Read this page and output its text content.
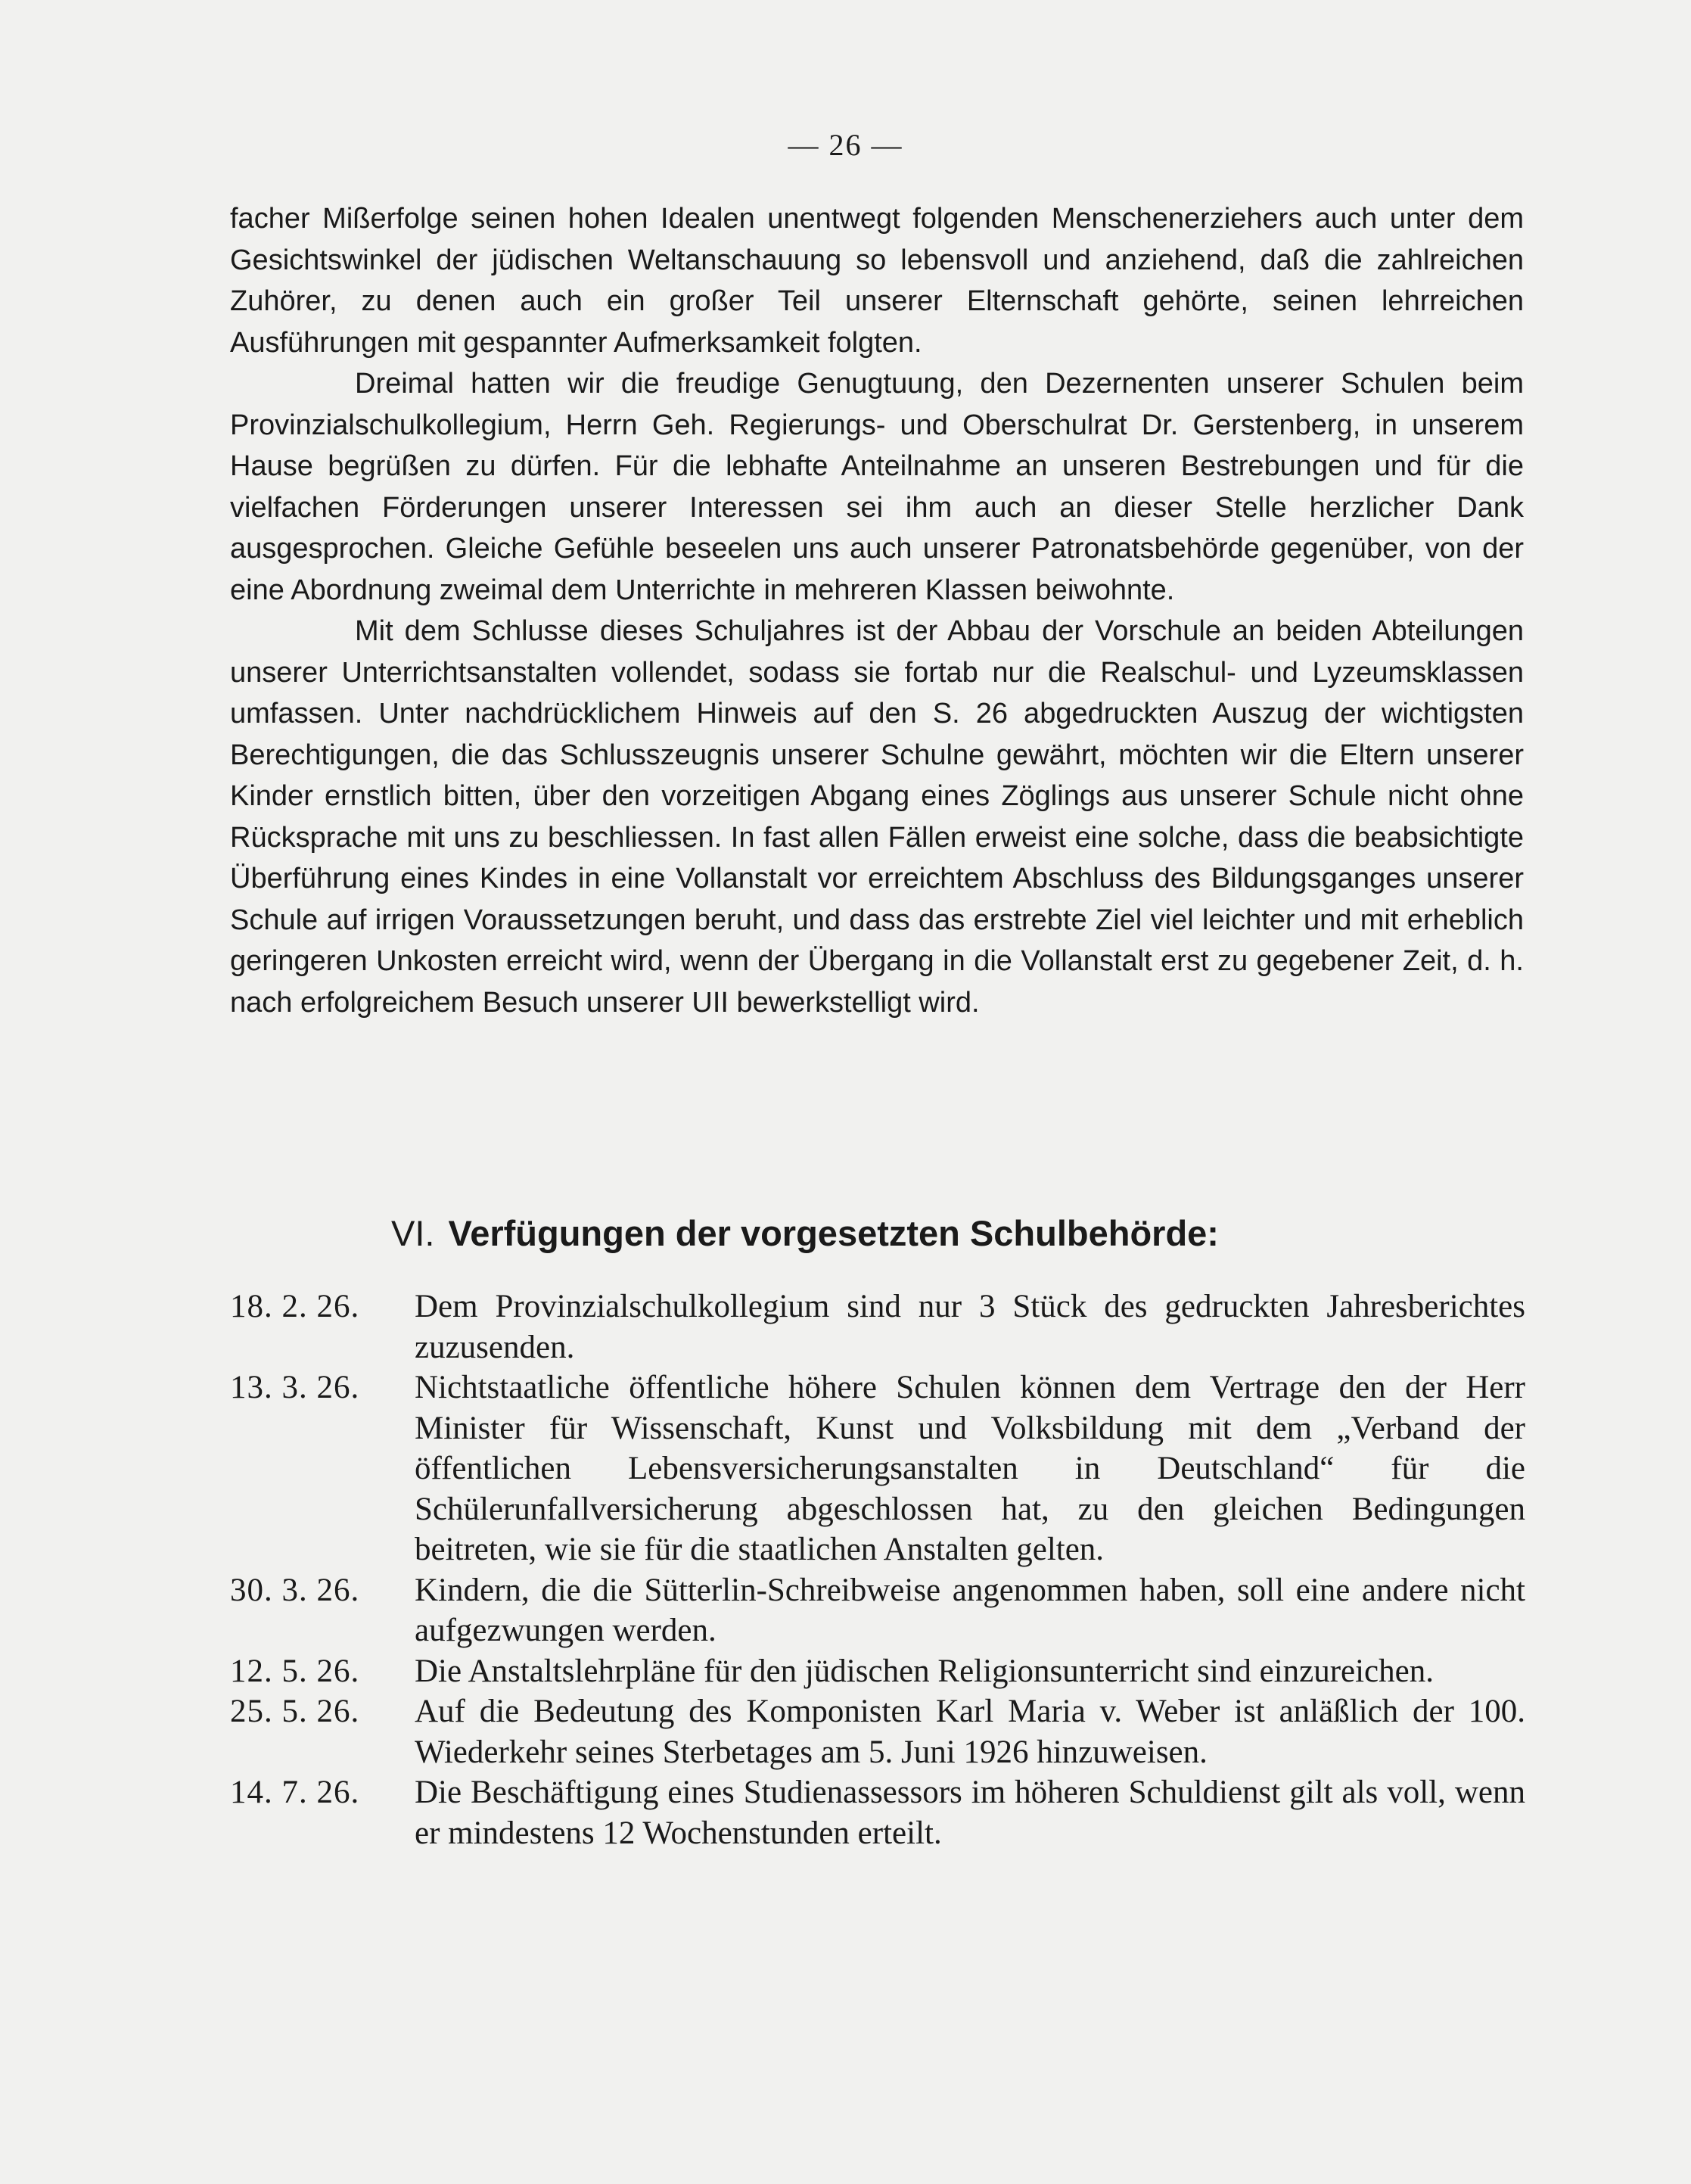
— 26 —

facher Mißerfolge seinen hohen Idealen unentwegt folgenden Menschenerziehers auch unter dem Gesichtswinkel der jüdischen Weltanschauung so lebensvoll und anziehend, daß die zahlreichen Zuhörer, zu denen auch ein großer Teil unserer Elternschaft gehörte, seinen lehrreichen Ausführungen mit gespannter Aufmerksamkeit folgten.

Dreimal hatten wir die freudige Genugtuung, den Dezernenten unserer Schulen beim Provinzialschulkollegium, Herrn Geh. Regierungs- und Oberschulrat Dr. Gerstenberg, in unserem Hause begrüßen zu dürfen. Für die lebhafte Anteilnahme an unseren Bestrebungen und für die vielfachen Förderungen unserer Interessen sei ihm auch an dieser Stelle herzlicher Dank ausgesprochen. Gleiche Gefühle beseelen uns auch unserer Patronatsbehörde gegenüber, von der eine Abordnung zweimal dem Unterrichte in mehreren Klassen beiwohnte.

Mit dem Schlusse dieses Schuljahres ist der Abbau der Vorschule an beiden Abteilungen unserer Unterrichtsanstalten vollendet, sodass sie fortab nur die Realschul- und Lyzeumsklassen umfassen. Unter nachdrücklichem Hinweis auf den S. 26 abgedruckten Auszug der wichtigsten Berechtigungen, die das Schlusszeugnis unserer Schulne gewährt, möchten wir die Eltern unserer Kinder ernstlich bitten, über den vorzeitigen Abgang eines Zöglings aus unserer Schule nicht ohne Rücksprache mit uns zu beschliessen. In fast allen Fällen erweist eine solche, dass die beabsichtigte Überführung eines Kindes in eine Vollanstalt vor erreichtem Abschluss des Bildungsganges unserer Schule auf irrigen Voraussetzungen beruht, und dass das erstrebte Ziel viel leichter und mit erheblich geringeren Unkosten erreicht wird, wenn der Übergang in die Vollanstalt erst zu gegebener Zeit, d. h. nach erfolgreichem Besuch unserer UII bewerkstelligt wird.

VI. Verfügungen der vorgesetzten Schulbehörde:
18. 2. 26.	Dem Provinzialschulkollegium sind nur 3 Stück des gedruckten Jahresberichtes zuzusenden.
13. 3. 26.	Nichtstaatliche öffentliche höhere Schulen können dem Vertrage den der Herr Minister für Wissenschaft, Kunst und Volksbildung mit dem „Verband der öffentlichen Lebensversicherungsanstalten in Deutschland“ für die Schülerunfallversicherung abgeschlossen hat, zu den gleichen Bedingungen beitreten, wie sie für die staatlichen Anstalten gelten.
30. 3. 26.	Kindern, die die Sütterlin-Schreibweise angenommen haben, soll eine andere nicht aufgezwungen werden.
12. 5. 26.	Die Anstaltslehrpläne für den jüdischen Religionsunterricht sind einzureichen.
25. 5. 26.	Auf die Bedeutung des Komponisten Karl Maria v. Weber ist anläßlich der 100. Wiederkehr seines Sterbetages am 5. Juni 1926 hinzuweisen.
14. 7. 26.	Die Beschäftigung eines Studienassessors im höheren Schuldienst gilt als voll, wenn er mindestens 12 Wochenstunden erteilt.
